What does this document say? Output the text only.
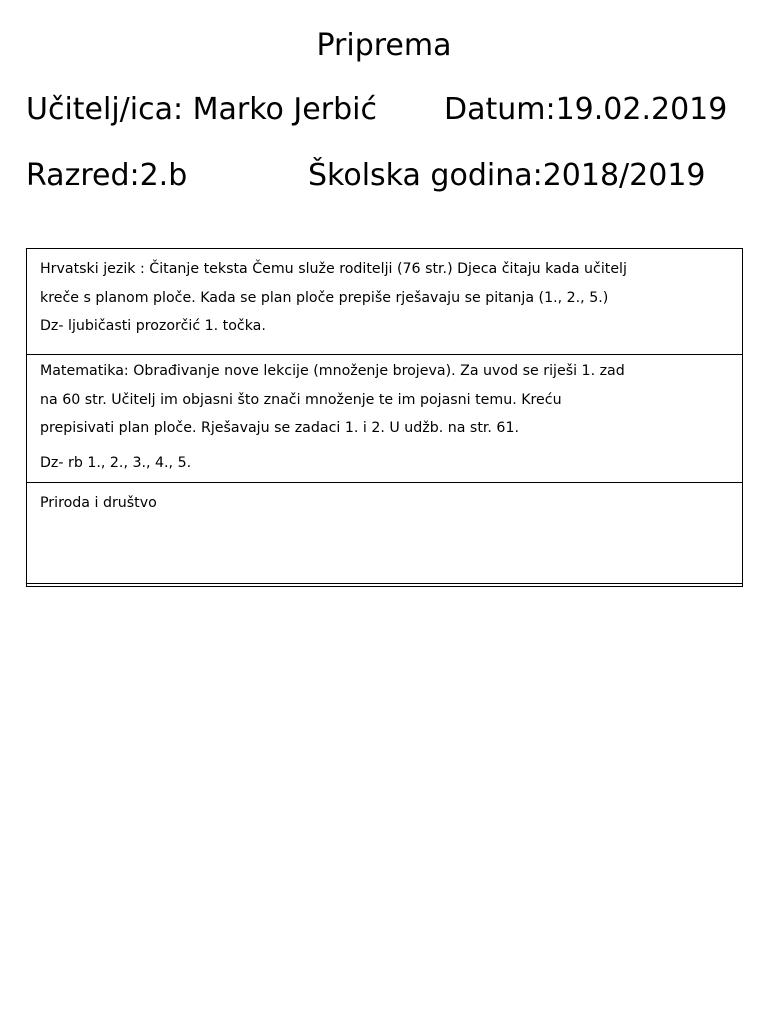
Priprema
Učitelj/ica: Marko Jerbić Datum:19.02.2019
Razred:2.b	Školska godina:2018/2019

Hrvatski jezik : Čitanje teksta Čemu služe roditelji (76 str.) Djeca čitaju kada učitelj

kreče s planom ploče. Kada se plan ploče prepiše rješavaju se pitanja (1., 2., 5.)

Dz- ljubičasti prozorčić 1. točka.

Matematika: Obrađivanje nove lekcije (množenje brojeva). Za uvod se riješi 1. zad

na 60 str. Učitelj im objasni što znači množenje te im pojasni temu. Kreću

prepisivati plan ploče. Rješavaju se zadaci 1. i 2. U udžb. na str. 61.

Dz- rb 1., 2., 3., 4., 5.

Priroda i društvo
